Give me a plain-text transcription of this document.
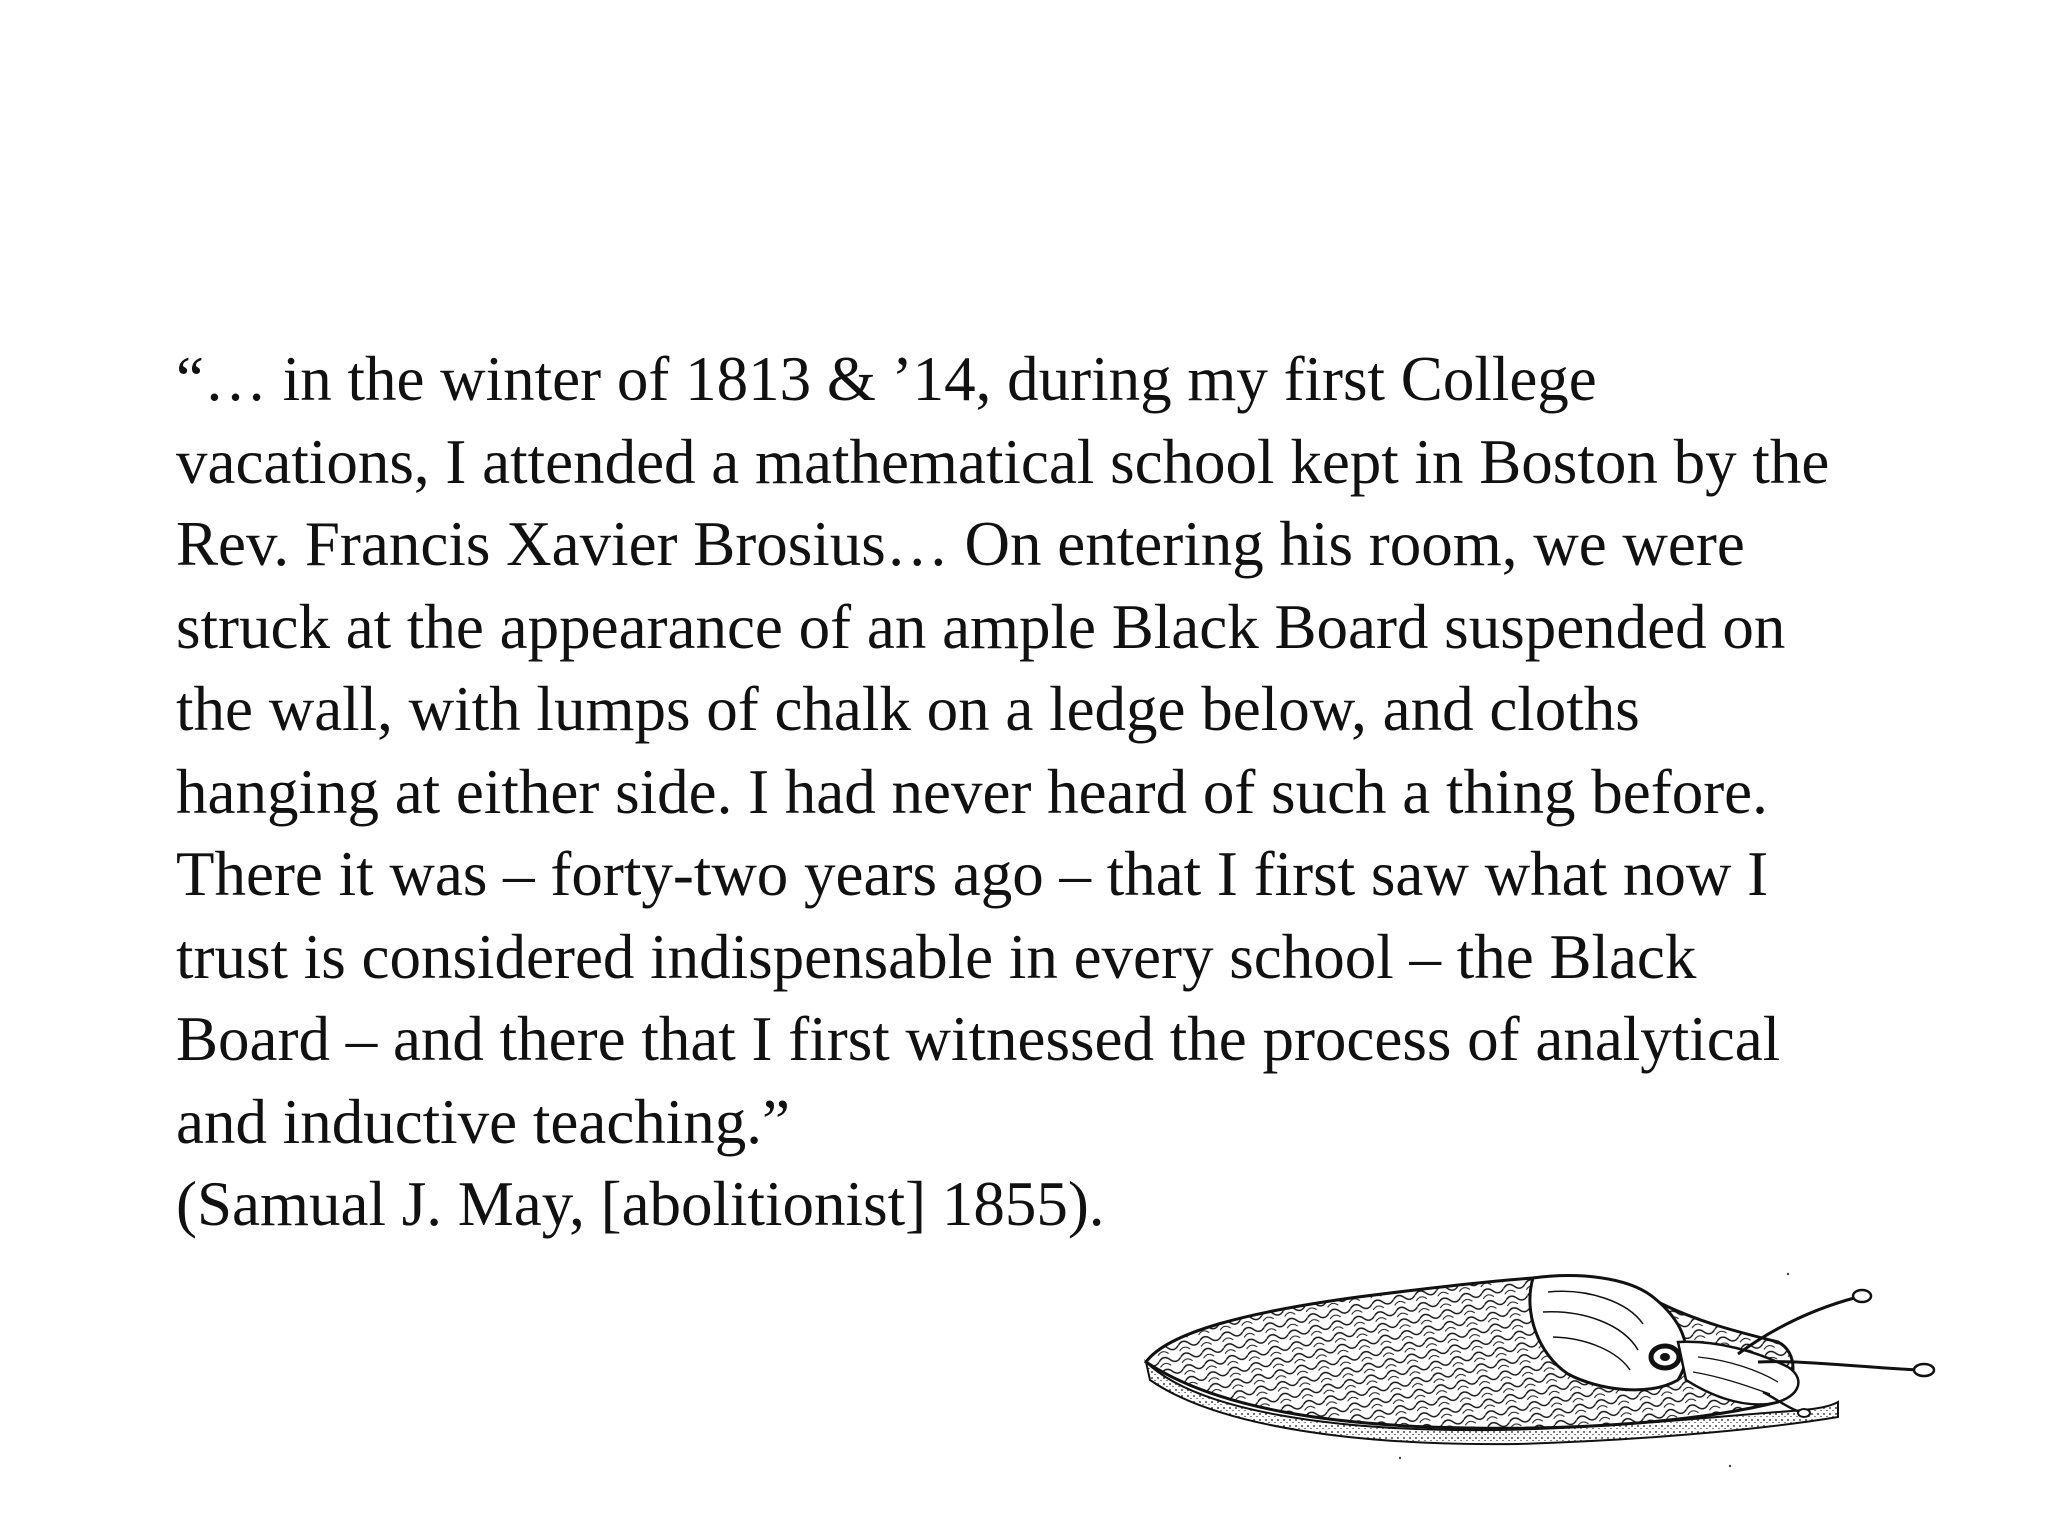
“… in the winter of 1813 & ’14, during my first College
vacations, I attended a mathematical school kept in Boston by the
Rev. Francis Xavier Brosius… On entering his room, we were
struck at the appearance of an ample Black Board suspended on
the wall, with lumps of chalk on a ledge below, and cloths
hanging at either side. I had never heard of such a thing before.
There it was – forty-two years ago – that I first saw what now I
trust is considered indispensable in every school – the Black
Board – and there that I first witnessed the process of analytical
and inductive teaching.”
(Samual J. May, [abolitionist] 1855).
